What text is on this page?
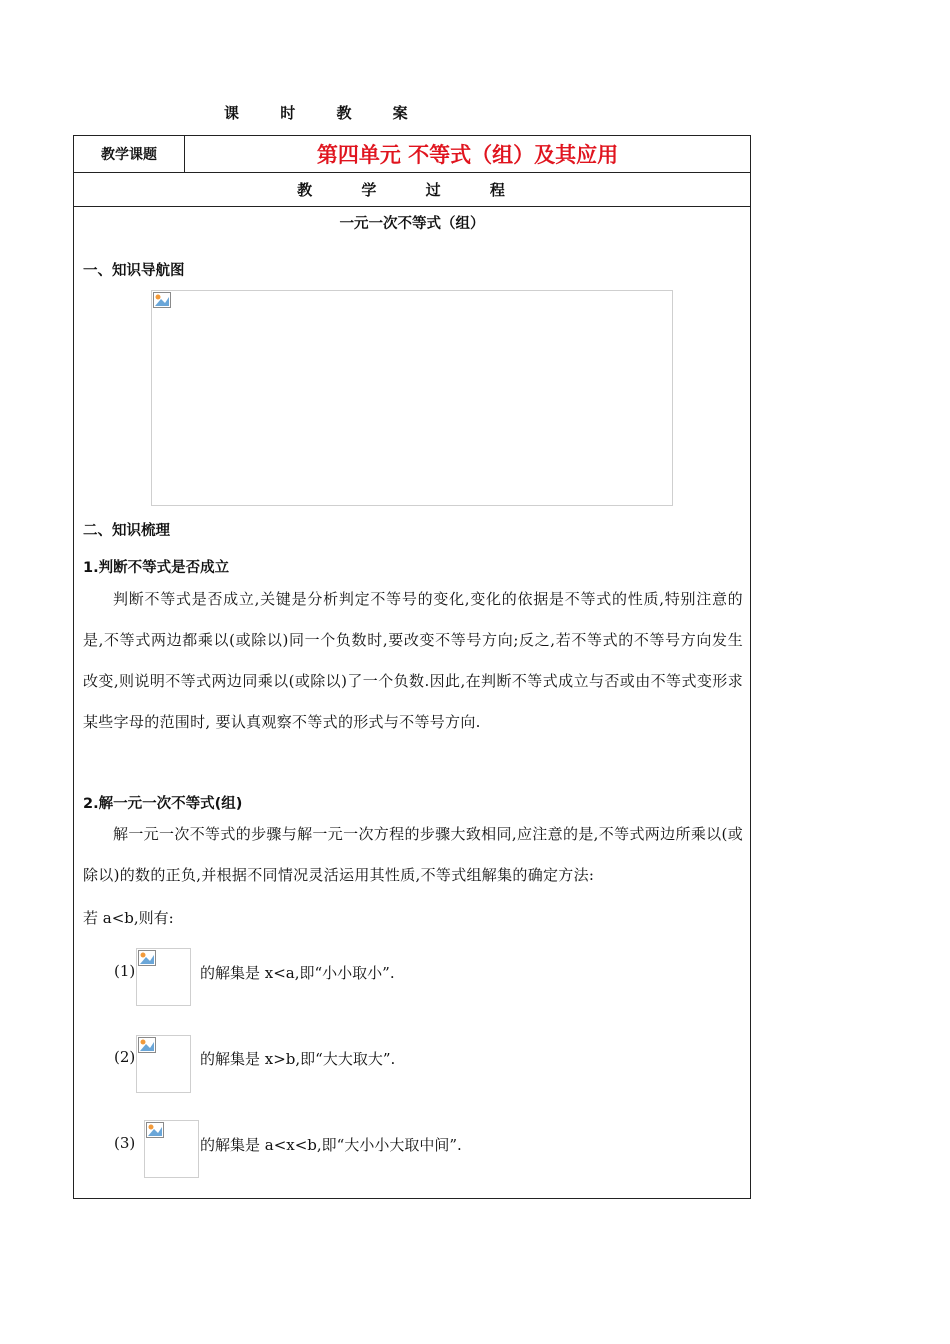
课 时 教 案
教学课题	第四单元 不等式（组）及其应用
教 学 过 程
一元一次不等式（组）
一、知识导航图
二、知识梳理
1.判断不等式是否成立
判断不等式是否成立,关键是分析判定不等号的变化,变化的依据是不等式的性质,特别注意的是,不等式两边都乘以(或除以)同一个负数时,要改变不等号方向;反之,若不等式的不等号方向发生改变,则说明不等式两边同乘以(或除以)了一个负数.因此,在判断不等式成立与否或由不等式变形求某些字母的范围时, 要认真观察不等式的形式与不等号方向.
2.解一元一次不等式(组)
解一元一次不等式的步骤与解一元一次方程的步骤大致相同,应注意的是,不等式两边所乘以(或除以)的数的正负,并根据不同情况灵活运用其性质,不等式组解集的确定方法:
若 a<b,则有:
(1)	的解集是 x<a,即“小小取小”.
(2)	的解集是 x>b,即“大大取大”.
(3)	的解集是 a<x<b,即“大小小大取中间”.
